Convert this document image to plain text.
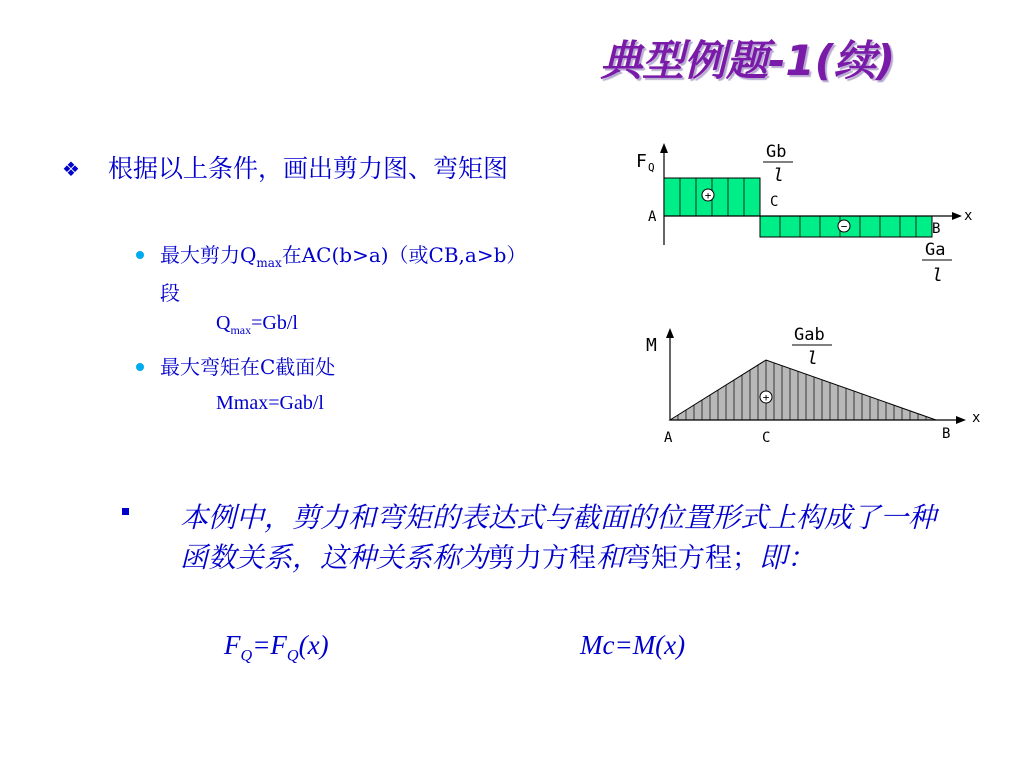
典型例题-1(续)
❖ 根据以上条件，画出剪力图、弯矩图
最大剪力$Q_{max}$在AC(b>a)（或CB,a>b）段
$Q_{max}=Gb/l$
最大弯矩在C截面处
Mmax=Gab/l
+
−
F Q
A
C
B
x
Gb
l
Ga
l
+
M
A	C	B
x
Gab
l
本例中，剪力和弯矩的表达式与截面的位置形式上构成了一种函数关系，这种关系称为剪力方程和弯矩方程；即：
$F_Q=F_Q(x)$	Mc=M(x)
